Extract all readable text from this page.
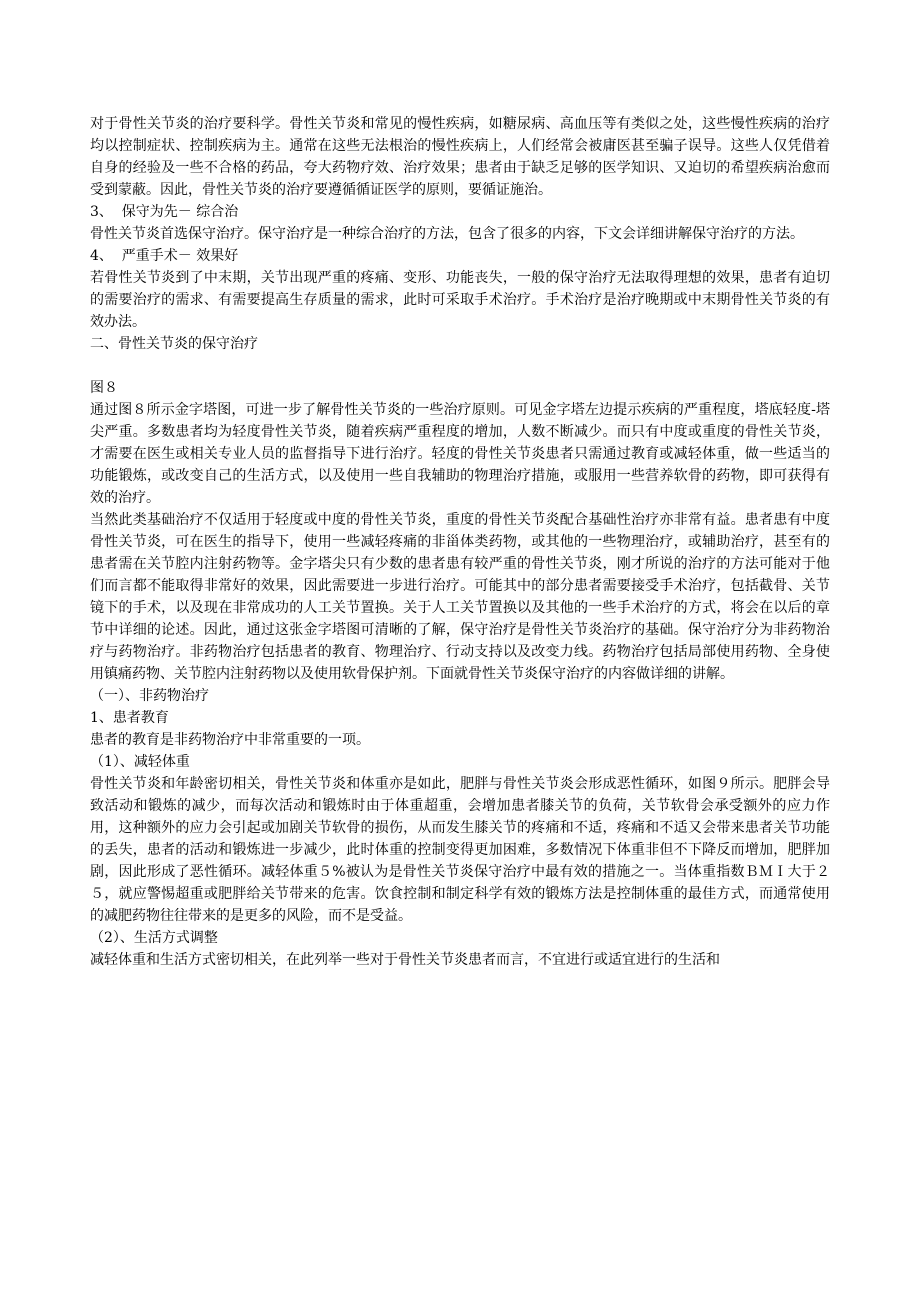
对于骨性关节炎的治疗要科学。骨性关节炎和常见的慢性疾病，如糖尿病、高血压等有类似之处，这些慢性疾病的治疗均以控制症状、控制疾病为主。通常在这些无法根治的慢性疾病上，人们经常会被庸医甚至骗子误导。这些人仅凭借着自身的经验及一些不合格的药品，夸大药物疗效、治疗效果；患者由于缺乏足够的医学知识、又迫切的希望疾病治愈而受到蒙蔽。因此，骨性关节炎的治疗要遵循循证医学的原则，要循证施治。

3、  保守为先－ 综合治

骨性关节炎首选保守治疗。保守治疗是一种综合治疗的方法，包含了很多的内容，下文会详细讲解保守治疗的方法。

4、  严重手术－ 效果好

若骨性关节炎到了中末期，关节出现严重的疼痛、变形、功能丧失，一般的保守治疗无法取得理想的效果，患者有迫切的需要治疗的需求、有需要提高生存质量的需求，此时可采取手术治疗。手术治疗是治疗晚期或中末期骨性关节炎的有效办法。

二、骨性关节炎的保守治疗

图８

通过图８所示金字塔图，可进一步了解骨性关节炎的一些治疗原则。可见金字塔左边提示疾病的严重程度，塔底轻度-塔尖严重。多数患者均为轻度骨性关节炎，随着疾病严重程度的增加，人数不断减少。而只有中度或重度的骨性关节炎，才需要在医生或相关专业人员的监督指导下进行治疗。轻度的骨性关节炎患者只需通过教育或减轻体重，做一些适当的功能锻炼，或改变自己的生活方式，以及使用一些自我辅助的物理治疗措施，或服用一些营养软骨的药物，即可获得有效的治疗。

当然此类基础治疗不仅适用于轻度或中度的骨性关节炎，重度的骨性关节炎配合基础性治疗亦非常有益。患者患有中度骨性关节炎，可在医生的指导下，使用一些减轻疼痛的非甾体类药物，或其他的一些物理治疗，或辅助治疗，甚至有的患者需在关节腔内注射药物等。金字塔尖只有少数的患者患有较严重的骨性关节炎，刚才所说的治疗的方法可能对于他们而言都不能取得非常好的效果，因此需要进一步进行治疗。可能其中的部分患者需要接受手术治疗，包括截骨、关节镜下的手术，以及现在非常成功的人工关节置换。关于人工关节置换以及其他的一些手术治疗的方式，将会在以后的章节中详细的论述。因此，通过这张金字塔图可清晰的了解，保守治疗是骨性关节炎治疗的基础。保守治疗分为非药物治疗与药物治疗。非药物治疗包括患者的教育、物理治疗、行动支持以及改变力线。药物治疗包括局部使用药物、全身使用镇痛药物、关节腔内注射药物以及使用软骨保护剂。下面就骨性关节炎保守治疗的内容做详细的讲解。

（一）、非药物治疗

1、患者教育

患者的教育是非药物治疗中非常重要的一项。

（1）、减轻体重

骨性关节炎和年龄密切相关，骨性关节炎和体重亦是如此，肥胖与骨性关节炎会形成恶性循环，如图９所示。肥胖会导致活动和锻炼的减少，而每次活动和锻炼时由于体重超重，会增加患者膝关节的负荷，关节软骨会承受额外的应力作用，这种额外的应力会引起或加剧关节软骨的损伤，从而发生膝关节的疼痛和不适，疼痛和不适又会带来患者关节功能的丢失，患者的活动和锻炼进一步减少，此时体重的控制变得更加困难，多数情况下体重非但不下降反而增加，肥胖加剧，因此形成了恶性循环。减轻体重５%被认为是骨性关节炎保守治疗中最有效的措施之一。当体重指数ＢＭＩ大于２５，就应警惕超重或肥胖给关节带来的危害。饮食控制和制定科学有效的锻炼方法是控制体重的最佳方式，而通常使用的减肥药物往往带来的是更多的风险，而不是受益。

（2）、生活方式调整

减轻体重和生活方式密切相关，在此列举一些对于骨性关节炎患者而言，不宜进行或适宜进行的生活和
